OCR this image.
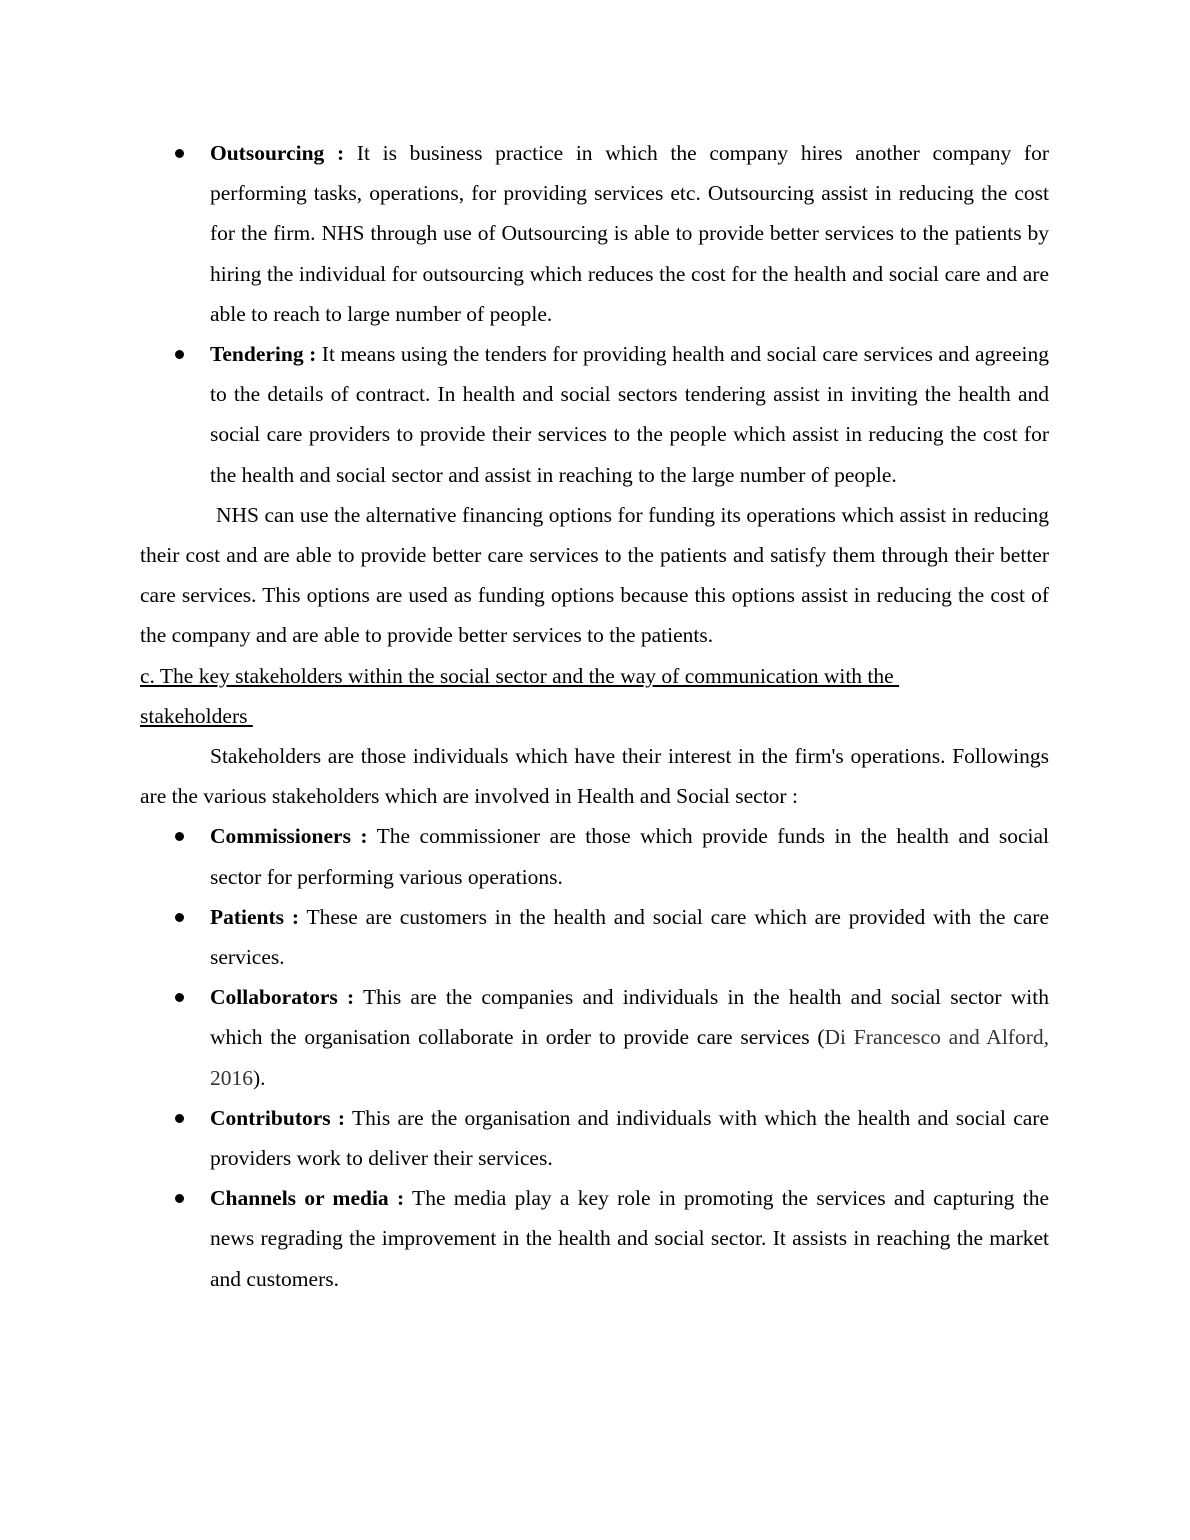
Outsourcing : It is business practice in which the company hires another company for performing tasks, operations, for providing services etc. Outsourcing assist in reducing the cost for the firm. NHS through use of Outsourcing is able to provide better services to the patients by hiring the individual for outsourcing which reduces the cost for the health and social care and are able to reach to large number of people.
Tendering : It means using the tenders for providing health and social care services and agreeing to the details of contract. In health and social sectors tendering assist in inviting the health and social care providers to provide their services to the people which assist in reducing the cost for the health and social sector and assist in reaching to the large number of people.

NHS can use the alternative financing options for funding its operations which assist in reducing their cost and are able to provide better care services to the patients and satisfy them through their better care services. This options are used as funding options because this options assist in reducing the cost of the company and are able to provide better services to the patients.

c. The key stakeholders within the social sector and the way of communication with the
stakeholders

Stakeholders are those individuals which have their interest in the firm's operations. Followings are the various stakeholders which are involved in Health and Social sector :

Commissioners : The commissioner are those which provide funds in the health and social sector for performing various operations.
Patients : These are customers in the health and social care which are provided with the care services.
Collaborators : This are the companies and individuals in the health and social sector with which the organisation collaborate in order to provide care services (Di Francesco and Alford, 2016).
Contributors : This are the organisation and individuals with which the health and social care providers work to deliver their services.
Channels or media : The media play a key role in promoting the services and capturing the news regrading the improvement in the health and social sector. It assists in reaching the market and customers.
